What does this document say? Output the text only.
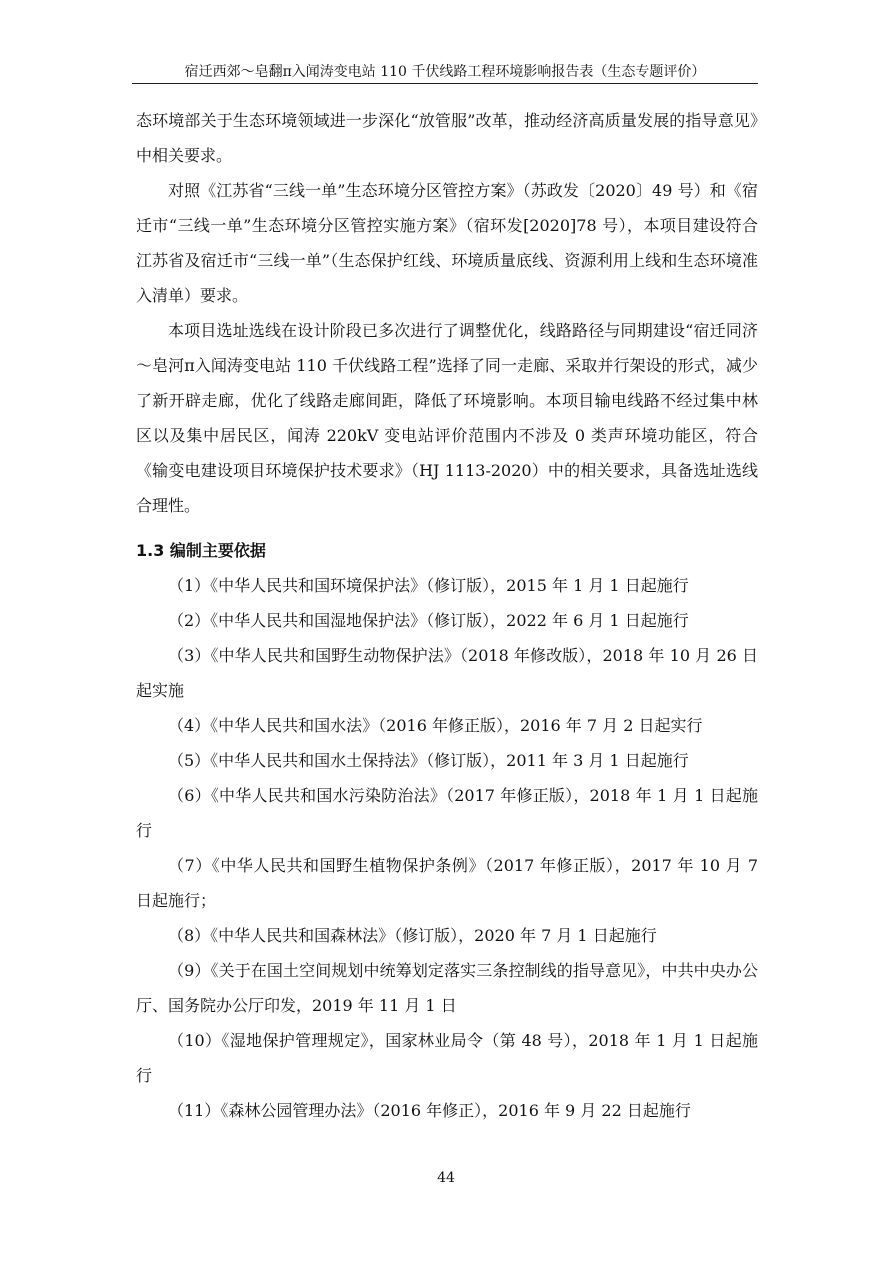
宿迁西郊～皂翻π入闻涛变电站 110 千伏线路工程环境影响报告表（生态专题评价）

态环境部关于生态环境领域进一步深化“放管服”改革，推动经济高质量发展的指导意见》中相关要求。

对照《江苏省“三线一单”生态环境分区管控方案》（苏政发〔2020〕49 号）和《宿迁市“三线一单”生态环境分区管控实施方案》（宿环发[2020]78 号），本项目建设符合江苏省及宿迁市“三线一单”（生态保护红线、环境质量底线、资源利用上线和生态环境准入清单）要求。

本项目选址选线在设计阶段已多次进行了调整优化，线路路径与同期建设“宿迁同济～皂河π入闻涛变电站 110 千伏线路工程”选择了同一走廊、采取并行架设的形式，减少了新开辟走廊，优化了线路走廊间距，降低了环境影响。本项目输电线路不经过集中林区以及集中居民区，闻涛 220kV 变电站评价范围内不涉及 0 类声环境功能区，符合《输变电建设项目环境保护技术要求》（HJ 1113-2020）中的相关要求，具备选址选线合理性。

1.3 编制主要依据

（1）《中华人民共和国环境保护法》（修订版），2015 年 1 月 1 日起施行

（2）《中华人民共和国湿地保护法》（修订版），2022 年 6 月 1 日起施行

（3）《中华人民共和国野生动物保护法》（2018 年修改版），2018 年 10 月 26 日起实施

（4）《中华人民共和国水法》（2016 年修正版），2016 年 7 月 2 日起实行

（5）《中华人民共和国水土保持法》（修订版），2011 年 3 月 1 日起施行

（6）《中华人民共和国水污染防治法》（2017 年修正版），2018 年 1 月 1 日起施行

（7）《中华人民共和国野生植物保护条例》（2017 年修正版），2017 年 10 月 7 日起施行；

（8）《中华人民共和国森林法》（修订版），2020 年 7 月 1 日起施行

（9）《关于在国土空间规划中统筹划定落实三条控制线的指导意见》，中共中央办公厅、国务院办公厅印发，2019 年 11 月 1 日

（10）《湿地保护管理规定》，国家林业局令（第 48 号），2018 年 1 月 1 日起施行

（11）《森林公园管理办法》（2016 年修正），2016 年 9 月 22 日起施行

44
